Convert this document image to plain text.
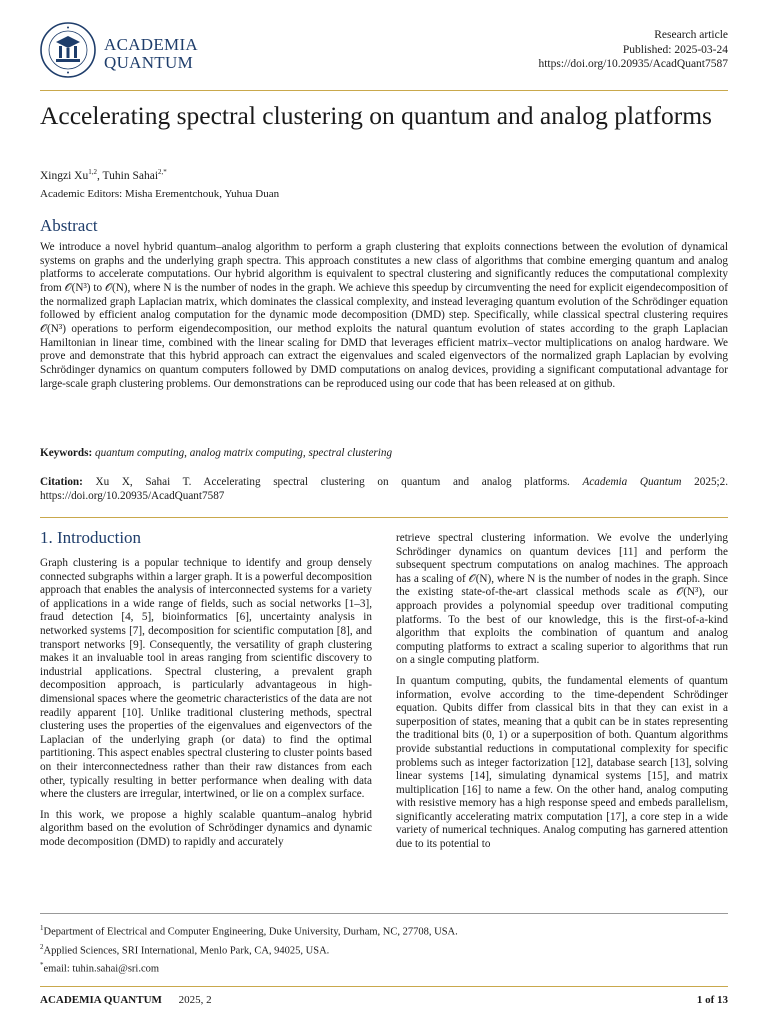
ACADEMIA
QUANTUM
Research article
Published: 2025-03-24
https://doi.org/10.20935/AcadQuant7587
Accelerating spectral clustering on quantum and analog platforms
Xingzi Xu$^{1,2}$, Tuhin Sahai$^{2,*}$
Academic Editors: Misha Erementchouk, Yuhua Duan
Abstract
We introduce a novel hybrid quantum–analog algorithm to perform a graph clustering that exploits connections between the evolution of dynamical systems on graphs and the underlying graph spectra. This approach constitutes a new class of algorithms that combine emerging quantum and analog platforms to accelerate computations. Our hybrid algorithm is equivalent to spectral clustering and significantly reduces the computational complexity from 𝒪(N³) to 𝒪(N), where N is the number of nodes in the graph. We achieve this speedup by circumventing the need for explicit eigendecomposition of the normalized graph Laplacian matrix, which dominates the classical complexity, and instead leveraging quantum evolution of the Schrödinger equation followed by efficient analog computation for the dynamic mode decomposition (DMD) step. Specifically, while classical spectral clustering requires 𝒪(N³) operations to perform eigendecomposition, our method exploits the natural quantum evolution of states according to the graph Laplacian Hamiltonian in linear time, combined with the linear scaling for DMD that leverages efficient matrix–vector multiplications on analog hardware. We prove and demonstrate that this hybrid approach can extract the eigenvalues and scaled eigenvectors of the normalized graph Laplacian by evolving Schrödinger dynamics on quantum computers followed by DMD computations on analog devices, providing a significant computational advantage for large-scale graph clustering problems. Our demonstrations can be reproduced using our code that has been released at on github.
Keywords: quantum computing, analog matrix computing, spectral clustering
Citation: Xu X, Sahai T. Accelerating spectral clustering on quantum and analog platforms. Academia Quantum 2025;2. https://doi.org/10.20935/AcadQuant7587
1. Introduction

Graph clustering is a popular technique to identify and group densely connected subgraphs within a larger graph. It is a powerful decomposition approach that enables the analysis of interconnected systems for a variety of applications in a wide range of fields, such as social networks [1–3], fraud detection [4, 5], bioinformatics [6], uncertainty analysis in networked systems [7], decomposition for scientific computation [8], and transport networks [9]. Consequently, the versatility of graph clustering makes it an invaluable tool in areas ranging from scientific discovery to industrial applications. Spectral clustering, a prevalent graph decomposition approach, is particularly advantageous in high-dimensional spaces where the geometric characteristics of the data are not readily apparent [10]. Unlike traditional clustering methods, spectral clustering uses the properties of the eigenvalues and eigenvectors of the Laplacian of the underlying graph (or data) to find the optimal partitioning. This aspect enables spectral clustering to cluster points based on their interconnectedness rather than their raw distances from each other, typically resulting in better performance when dealing with data where the clusters are irregular, intertwined, or lie on a complex surface.

In this work, we propose a highly scalable quantum–analog hybrid algorithm based on the evolution of Schrödinger dynamics and dynamic mode decomposition (DMD) to rapidly and accurately

retrieve spectral clustering information. We evolve the underlying Schrödinger dynamics on quantum devices [11] and perform the subsequent spectrum computations on analog machines. The approach has a scaling of 𝒪(N), where N is the number of nodes in the graph. Since the existing state-of-the-art classical methods scale as 𝒪(N³), our approach provides a polynomial speedup over traditional computing platforms. To the best of our knowledge, this is the first-of-a-kind algorithm that exploits the combination of quantum and analog computing platforms to extract a scaling superior to algorithms that run on a single computing platform.

In quantum computing, qubits, the fundamental elements of quantum information, evolve according to the time-dependent Schrödinger equation. Qubits differ from classical bits in that they can exist in a superposition of states, meaning that a qubit can be in states representing the traditional bits (0, 1) or a superposition of both. Quantum algorithms provide substantial reductions in computational complexity for specific problems such as integer factorization [12], database search [13], solving linear systems [14], simulating dynamical systems [15], and matrix multiplication [16] to name a few. On the other hand, analog computing with resistive memory has a high response speed and embeds parallelism, significantly accelerating matrix computation [17], a core step in a wide variety of numerical techniques. Analog computing has garnered attention due to its potential to

$^1$Department of Electrical and Computer Engineering, Duke University, Durham, NC, 27708, USA.
$^2$Applied Sciences, SRI International, Menlo Park, CA, 94025, USA.
*email: tuhin.sahai@sri.com
ACADEMIA QUANTUM 2025, 2	1 of 13
